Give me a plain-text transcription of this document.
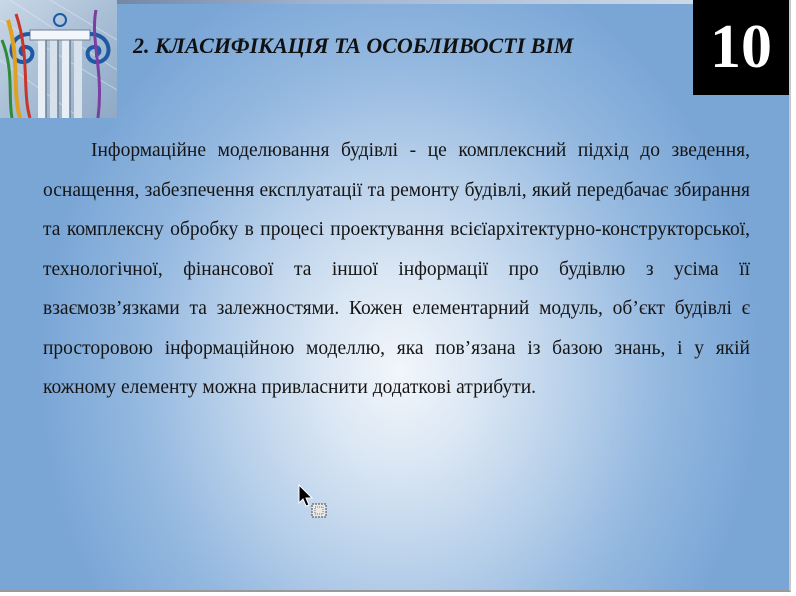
2. КЛАСИФІКАЦІЯ ТА ОСОБЛИВОСТІ ВІМ 10

Інформаційне моделювання будівлі - це комплексний підхід до зведення, оснащення, забезпечення експлуатації та ремонту будівлі, який передбачає збирання та комплексну обробку в процесі проектування всієїархітектурно-конструкторської, технологічної, фінансової та іншої інформації про будівлю з усіма її взаємозв’язками та залежностями. Кожен елементарний модуль, об’єкт будівлі є просторовою інформаційною моделлю, яка пов’язана із базою знань, і у якій кожному елементу можна привласнити додаткові атрибути.
